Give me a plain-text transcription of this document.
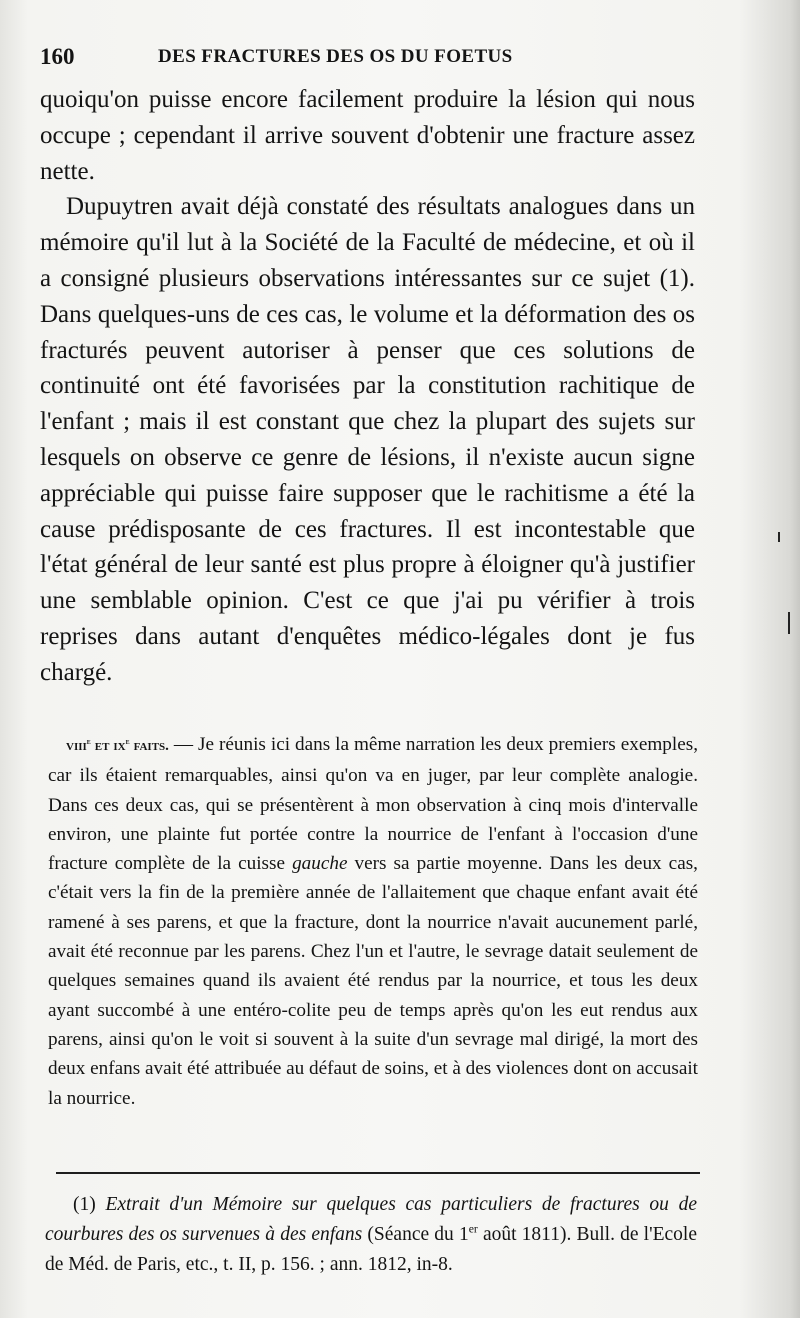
160	DES FRACTURES DES OS DU FOETUS

quoiqu'on puisse encore facilement produire la lésion qui nous occupe ; cependant il arrive souvent d'obtenir une fracture assez nette.

Dupuytren avait déjà constaté des résultats analogues dans un mémoire qu'il lut à la Société de la Faculté de médecine, et où il a consigné plusieurs observations intéressantes sur ce sujet (1). Dans quelques-uns de ces cas, le volume et la déformation des os fracturés peuvent autoriser à penser que ces solutions de continuité ont été favorisées par la constitution rachitique de l'enfant ; mais il est constant que chez la plupart des sujets sur lesquels on observe ce genre de lésions, il n'existe aucun signe appréciable qui puisse faire supposer que le rachitisme a été la cause prédisposante de ces fractures. Il est incontestable que l'état général de leur santé est plus propre à éloigner qu'à justifier une semblable opinion. C'est ce que j'ai pu vérifier à trois reprises dans autant d'enquêtes médico-légales dont je fus chargé.

viii$^e$ et $ix^e$ faits. — Je réunis ici dans la même narration les deux premiers exemples, car ils étaient remarquables, ainsi qu'on va en juger, par leur complète analogie. Dans ces deux cas, qui se présentèrent à mon observation à cinq mois d'intervalle environ, une plainte fut portée contre la nourrice de l'enfant à l'occasion d'une fracture complète de la cuisse gauche vers sa partie moyenne. Dans les deux cas, c'était vers la fin de la première année de l'allaitement que chaque enfant avait été ramené à ses parens, et que la fracture, dont la nourrice n'avait aucunement parlé, avait été reconnue par les parens. Chez l'un et l'autre, le sevrage datait seulement de quelques semaines quand ils avaient été rendus par la nourrice, et tous les deux ayant succombé à une entéro-colite peu de temps après qu'on les eut rendus aux parens, ainsi qu'on le voit si souvent à la suite d'un sevrage mal dirigé, la mort des deux enfans avait été attribuée au défaut de soins, et à des violences dont on accusait la nourrice.

(1) Extrait d'un Mémoire sur quelques cas particuliers de fractures ou de courbures des os survenues à des enfans (Séance du 1er août 1811). Bull. de l'Ecole de Méd. de Paris, etc., t. II, p. 156. ; ann. 1812, in-8.
